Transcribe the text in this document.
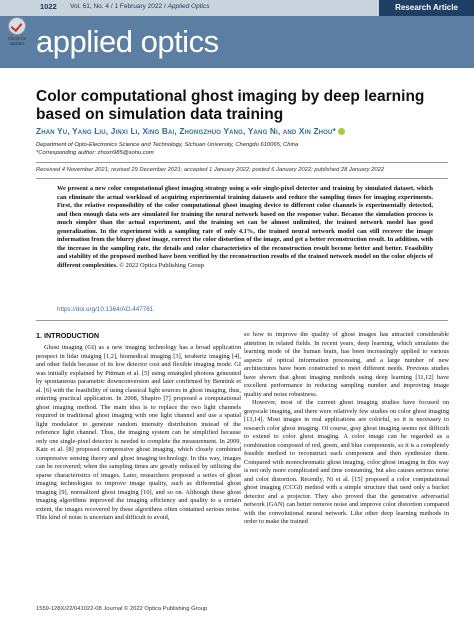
1022 Vol. 61, No. 4 / 1 February 2022 / Applied Optics	Research Article
applied optics
Check for
updates
Color computational ghost imaging by deep learning based on simulation data training
Zhan Yu, Yang Liu, Jinxi Li, Xing Bai, Zhongzhuo Yang, Yang Ni, and Xin Zhou*
Department of Opto-Electronics Science and Technology, Sichuan University, Chengdu 610065, China
*Corresponding author: zhoxn985@sohu.com
Received 4 November 2021; revised 29 December 2021; accepted 1 January 2022; posted 6 January 2022; published 28 January 2022
We present a new color computational ghost imaging strategy using a sole single-pixel detector and training by simulated dataset, which can eliminate the actual workload of acquiring experimental training datasets and reduce the sampling times for imaging experiments. First, the relative responsibility of the color computational ghost imaging device to different color channels is experimentally detected, and then enough data sets are simulated for training the neural network based on the response value. Because the simulation process is much simpler than the actual experiment, and the training set can be almost unlimited, the trained network model has good generalization. In the experiment with a sampling rate of only 4.1%, the trained neural network model can still recover the image information from the blurry ghost image, correct the color distortion of the image, and get a better reconstruction result. In addition, with the increase in the sampling rate, the details and color characteristics of the reconstruction result become better and better. Feasibility and stability of the proposed method have been verified by the reconstruction results of the trained network model on the color objects of different complexities. © 2022 Optica Publishing Group
https://doi.org/10.1364/AO.447761

1. INTRODUCTION

Ghost imaging (GI) as a new imaging technology has a broad application prospect in lidar imaging [1,2], biomedical imaging [3], terahertz imaging [4], and other fields because of its low detector cost and flexible imaging mode. GI was initially explained by Pittman et al. [5] using entangled photons generated by spontaneous parametric downconversion and later confirmed by Bennink et al. [6] with the feasibility of using classical light sources in ghost imaging, thus, entering practical application. In 2008, Shapiro [7] proposed a computational ghost imaging method. The main idea is to replace the two light channels required in traditional ghost imaging with one light channel and use a spatial light modulator to generate random intensity distribution instead of the reference light channel. Thus, the imaging system can be simplified because only one single-pixel detector is needed to complete the measurement. In 2009, Katz et al. [8] proposed compressive ghost imaging, which closely combined compressive sensing theory and ghost imaging technology. In this way, images can be recovered; when the sampling times are greatly reduced by utilizing the sparse characteristics of images. Later, researchers proposed a series of ghost imaging technologies to improve image quality, such as differential ghost imaging [9], normalized ghost imaging [10], and so on. Although these ghost imaging algorithms improved the imaging efficiency and quality to a certain extent, the images recovered by these algorithms often contained serious noise. This kind of noise is uncertain and difficult to avoid,

so how to improve the quality of ghost images has attracted considerable attention in related fields. In recent years, deep learning, which simulates the learning mode of the human brain, has been increasingly applied to various aspects of optical information processing, and a large number of new architectures have been constructed to meet different needs. Previous studies have shown that ghost imaging methods using deep learning [11,12] have excellent performance in reducing sampling number and improving image quality and noise robustness.

However, most of the current ghost imaging studies have focused on grayscale imaging, and there were relatively few studies on color ghost imaging [13,14]. Most images in real applications are colorful, so it is necessary to research color ghost imaging. Of course, gray ghost imaging seems not difficult to extend to color ghost imaging. A color image can be regarded as a combination composed of red, green, and blue components, so it is a completely feasible method to reconstruct each component and then synthesize them. Compared with monochromatic ghost imaging, color ghost imaging in this way is not only more complicated and time consuming, but also causes serious noise and color distortion. Recently, Ni et al. [15] proposed a color computational ghost imaging (CCGI) method with a simple structure that used only a bucket detector and a projector. They also proved that the generative adversarial network (GAN) can better remove noise and improve color distortion compared with the convolutional neural network. Like other deep learning methods in order to make the trained

1559-128X/22/041022-08 Journal © 2022 Optica Publishing Group
